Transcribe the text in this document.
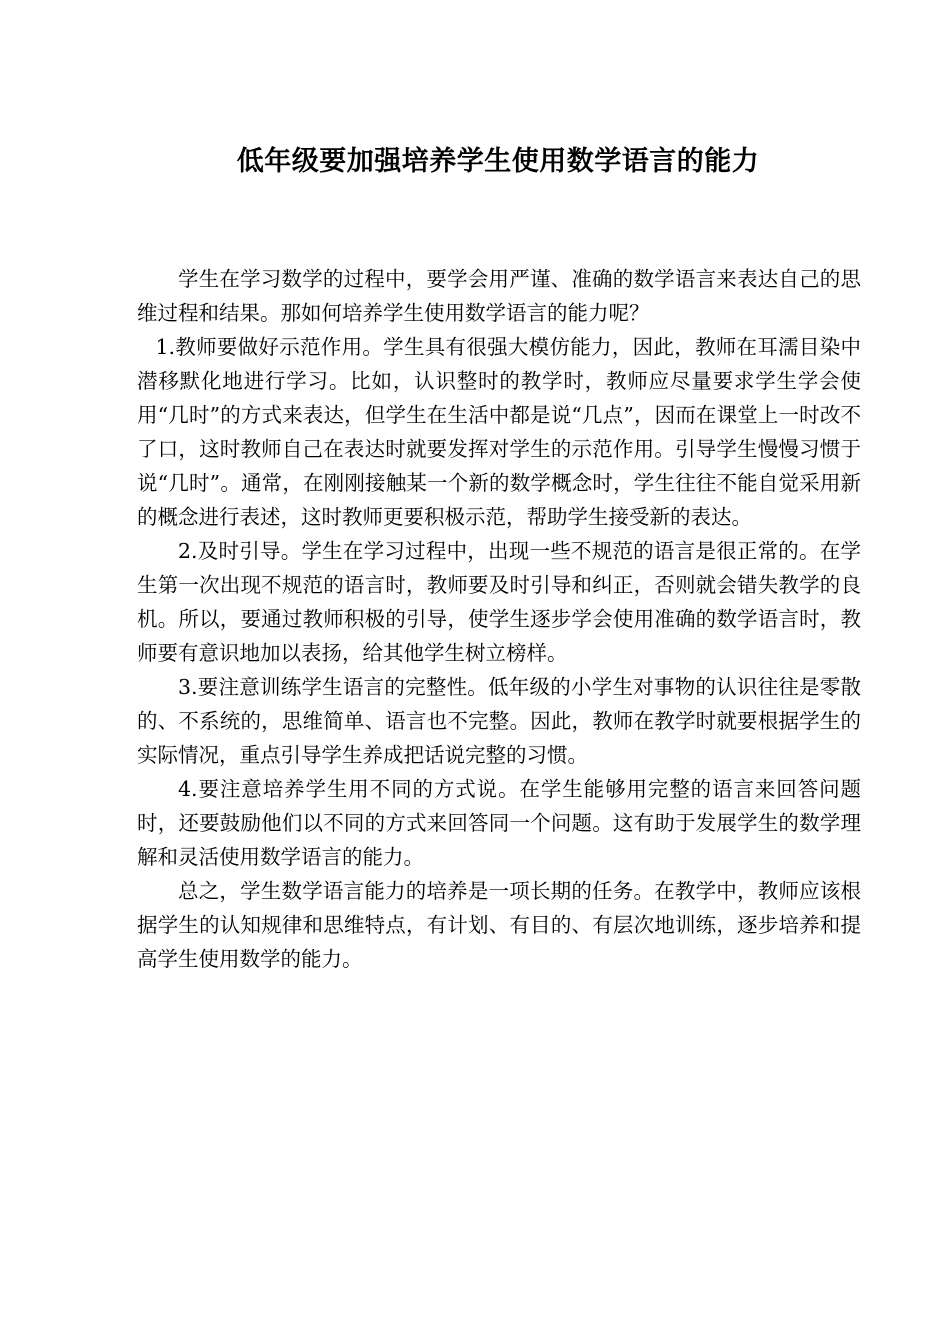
低年级要加强培养学生使用数学语言的能力

学生在学习数学的过程中，要学会用严谨、准确的数学语言来表达自己的思维过程和结果。那如何培养学生使用数学语言的能力呢？

1.教师要做好示范作用。学生具有很强大模仿能力，因此，教师在耳濡目染中潜移默化地进行学习。比如，认识整时的教学时，教师应尽量要求学生学会使用“几时”的方式来表达，但学生在生活中都是说“几点”，因而在课堂上一时改不了口，这时教师自己在表达时就要发挥对学生的示范作用。引导学生慢慢习惯于说“几时”。通常，在刚刚接触某一个新的数学概念时，学生往往不能自觉采用新的概念进行表述，这时教师更要积极示范，帮助学生接受新的表达。

2.及时引导。学生在学习过程中，出现一些不规范的语言是很正常的。在学生第一次出现不规范的语言时，教师要及时引导和纠正，否则就会错失教学的良机。所以，要通过教师积极的引导，使学生逐步学会使用准确的数学语言时，教师要有意识地加以表扬，给其他学生树立榜样。

3.要注意训练学生语言的完整性。低年级的小学生对事物的认识往往是零散的、不系统的，思维简单、语言也不完整。因此，教师在教学时就要根据学生的实际情况，重点引导学生养成把话说完整的习惯。

4.要注意培养学生用不同的方式说。在学生能够用完整的语言来回答问题时，还要鼓励他们以不同的方式来回答同一个问题。这有助于发展学生的数学理解和灵活使用数学语言的能力。

总之，学生数学语言能力的培养是一项长期的任务。在教学中，教师应该根据学生的认知规律和思维特点，有计划、有目的、有层次地训练，逐步培养和提高学生使用数学的能力。
